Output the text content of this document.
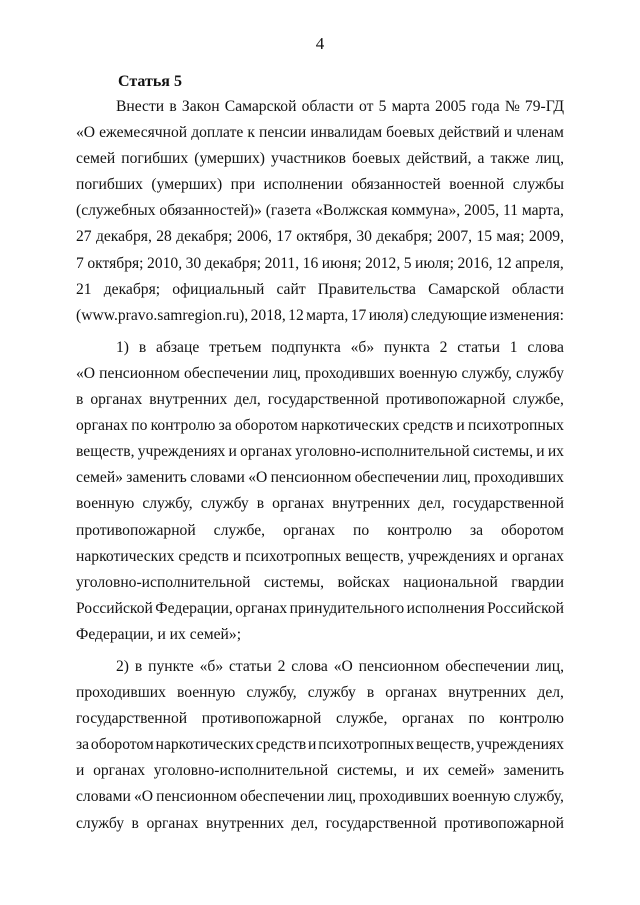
4
Статья 5
Внести в Закон Самарской области от 5 марта 2005 года № 79-ГД
«О ежемесячной доплате к пенсии инвалидам боевых действий и членам
семей погибших (умерших) участников боевых действий, а также лиц,
погибших (умерших) при исполнении обязанностей военной службы
(служебных обязанностей)» (газета «Волжская коммуна», 2005, 11 марта,
27 декабря, 28 декабря; 2006, 17 октября, 30 декабря; 2007, 15 мая; 2009,
7 октября; 2010, 30 декабря; 2011, 16 июня; 2012, 5 июля; 2016, 12 апреля,
21 декабря; официальный сайт Правительства Самарской области
(www.pravo.samregion.ru), 2018, 12 марта, 17 июля) следующие изменения:
1) в абзаце третьем подпункта «б» пункта 2 статьи 1 слова
«О пенсионном обеспечении лиц, проходивших военную службу, службу
в органах внутренних дел, государственной противопожарной службе,
органах по контролю за оборотом наркотических средств и психотропных
веществ, учреждениях и органах уголовно-исполнительной системы, и их
семей» заменить словами «О пенсионном обеспечении лиц, проходивших
военную службу, службу в органах внутренних дел, государственной
противопожарной службе, органах по контролю за оборотом
наркотических средств и психотропных веществ, учреждениях и органах
уголовно-исполнительной системы, войсках национальной гвардии
Российской Федерации, органах принудительного исполнения Российской
Федерации, и их семей»;
2) в пункте «б» статьи 2 слова «О пенсионном обеспечении лиц,
проходивших военную службу, службу в органах внутренних дел,
государственной противопожарной службе, органах по контролю
за оборотом наркотических средств и психотропных веществ, учреждениях
и органах уголовно-исполнительной системы, и их семей» заменить
словами «О пенсионном обеспечении лиц, проходивших военную службу,
службу в органах внутренних дел, государственной противопожарной
